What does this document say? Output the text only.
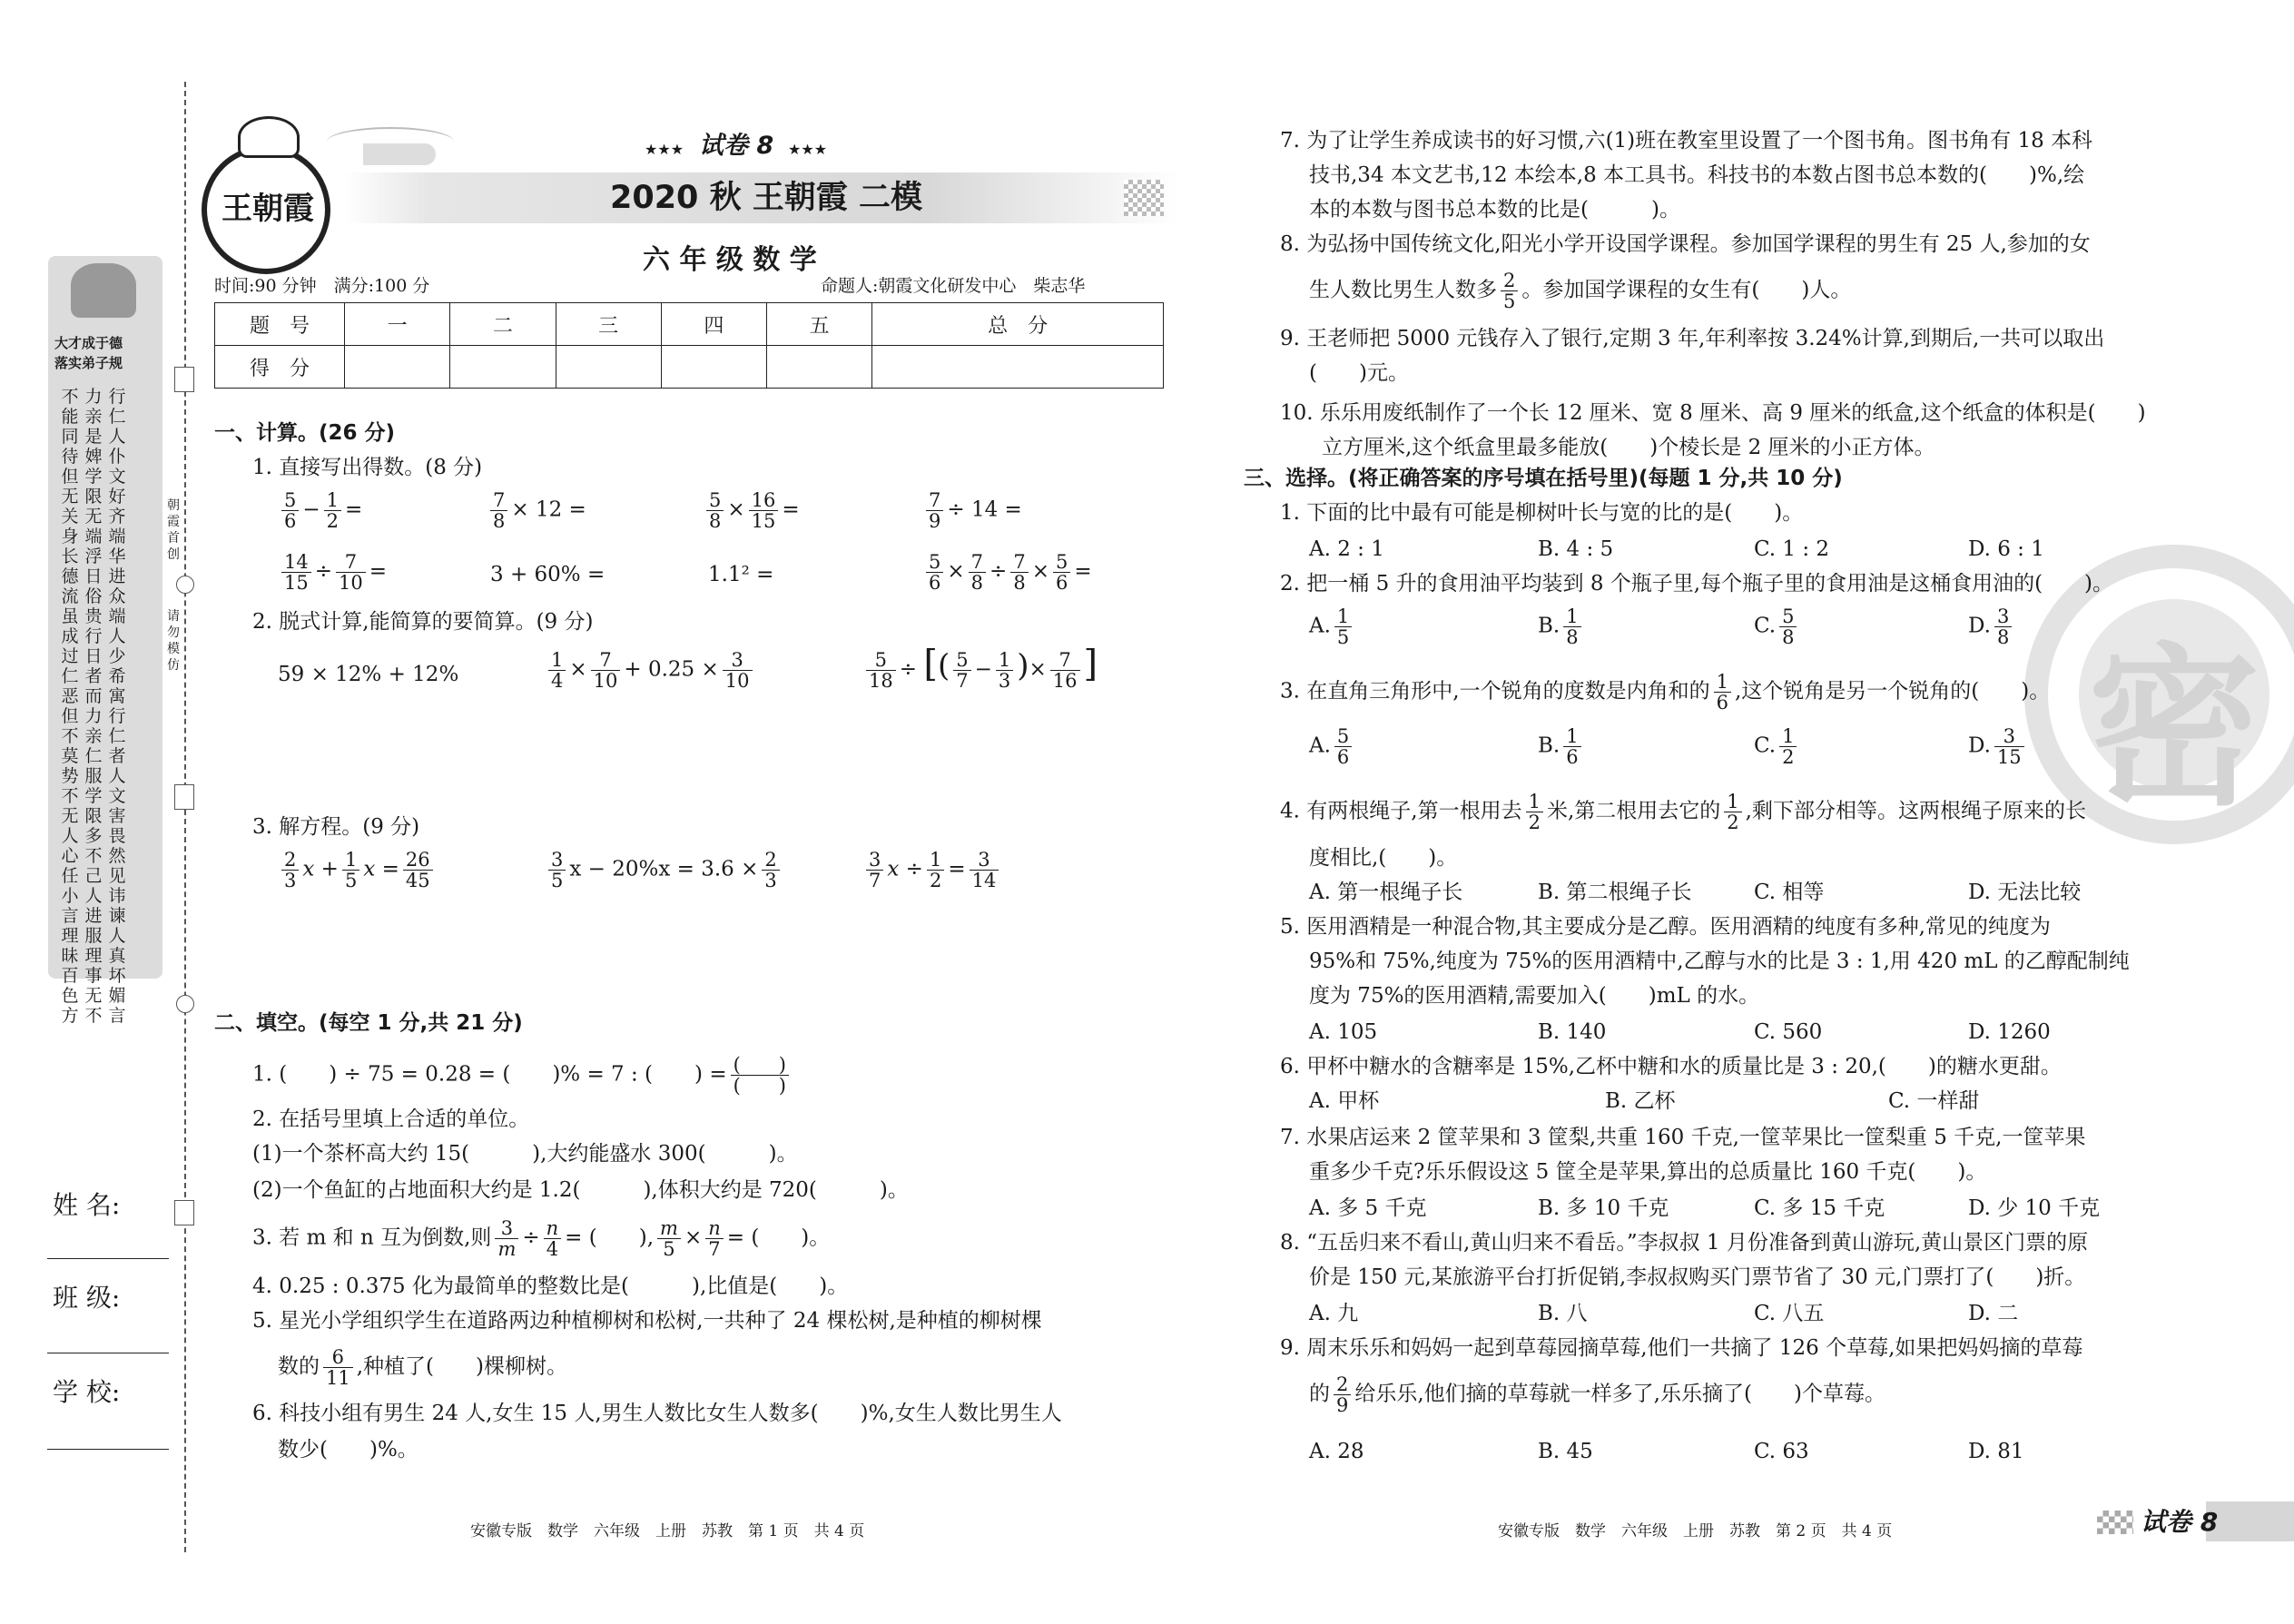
王朝霞
★★★ 试卷 8 ★★★
2020 秋 王朝霞 二模
六 年 级 数 学
时间:90 分钟　满分:100 分	命题人:朝霞文化研发中心　柴志华
题　号	一	二	三	四	五	总　分
得　分						
大才成于德
落实弟子规
不能同待
力亲是婢
行仁人仆
但无关身
学限无端
文好齐端
长德流虽
浮日俗贵
华进众端
成过仁恶
行日者而
人少希寓
但不莫势
力亲仁服
行仁者人
不无人心
学限多不
文害畏然
任小言理
己人进服
见讳谏人
昧百色方
理事无不
真坏媚言
朝霞首创
请勿模仿
姓 名:
班 级:
学 校:
一、计算。(26 分)
1. 直接写出得数。(8 分)
$\frac{5}{6} - \frac{1}{2}$ =	$\frac{7}{8} \times 12$ =	$\frac{5}{8} \times \frac{16}{15}$ =	$\frac{7}{9} \div 14$ =
$\frac{14}{15} \div \frac{7}{10}$ =	3 + 60% =	1.1² =	$\frac{5}{6} \times \frac{7}{8} \div \frac{7}{8} \times \frac{5}{6}$ =
2. 脱式计算,能简算的要简算。(9 分)
59 × 12% + 12%	$\frac{1}{4} \times \frac{7}{10} + 0.25 \times \frac{3}{10}$	$\frac{5}{18}$ ÷ [( $\frac{5}{7} - \frac{1}{3}$ )× $\frac{7}{16}$ ]
3. 解方程。(9 分)
$\frac{2}{3}$ $x + \frac{1}{5}$ $x = \frac{26}{45}$	$\frac{3}{5}$ $x - 20\%x = 3.6 \times \frac{2}{3}$	$\frac{3}{7}$ $x \div \frac{1}{2} = \frac{3}{14}$
二、填空。(每空 1 分,共 21 分)
1. (　　) ÷ 75 = 0.28 = (　　)% = 7 : (　　) = $\frac{( )}{( )}$
2. 在括号里填上合适的单位。
(1)一个茶杯高大约 15(　　　),大约能盛水 300(　　　)。
(2)一个鱼缸的占地面积大约是 1.2(　　　),体积大约是 720(　　　)。
3. 若 m 和 n 互为倒数,则 $\frac{3}{m} \div \frac{n}{4}$ = (　　), $\frac{m}{5} \times \frac{n}{7}$ = (　　)。
4. 0.25 : 0.375 化为最简单的整数比是(　　　),比值是(　　)。
5. 星光小学组织学生在道路两边种植柳树和松树,一共种了 24 棵松树,是种植的柳树棵
数的 $\frac{6}{11}$ ,种植了(　　)棵柳树。
6. 科技小组有男生 24 人,女生 15 人,男生人数比女生人数多(　　)%,女生人数比男生人
数少(　　)%。
安徽专版　数学　六年级　上册　苏教　第 1 页　共 4 页
密
7. 为了让学生养成读书的好习惯,六(1)班在教室里设置了一个图书角。图书角有 18 本科
技书,34 本文艺书,12 本绘本,8 本工具书。科技书的本数占图书总本数的(　　)%,绘
本的本数与图书总本数的比是(　　　)。
8. 为弘扬中国传统文化,阳光小学开设国学课程。参加国学课程的男生有 25 人,参加的女
生人数比男生人数多 $\frac{2}{5}$ 。参加国学课程的女生有(　　)人。
9. 王老师把 5000 元钱存入了银行,定期 3 年,年利率按 3.24%计算,到期后,一共可以取出
(　　)元。
10. 乐乐用废纸制作了一个长 12 厘米、宽 8 厘米、高 9 厘米的纸盒,这个纸盒的体积是(　　)
立方厘米,这个纸盒里最多能放(　　)个棱长是 2 厘米的小正方体。
三、选择。(将正确答案的序号填在括号里)(每题 1 分,共 10 分)
1. 下面的比中最有可能是柳树叶长与宽的比的是(　　)。
A. 2 : 1	B. 4 : 5	C. 1 : 2	D. 6 : 1
2. 把一桶 5 升的食用油平均装到 8 个瓶子里,每个瓶子里的食用油是这桶食用油的(　　)。
A. $\frac{1}{5}$	B. $\frac{1}{8}$	C. $\frac{5}{8}$	D. $\frac{3}{8}$
3. 在直角三角形中,一个锐角的度数是内角和的 $\frac{1}{6}$ ,这个锐角是另一个锐角的(　　)。
A. $\frac{5}{6}$	B. $\frac{1}{6}$	C. $\frac{1}{2}$	D. $\frac{3}{15}$
4. 有两根绳子,第一根用去 $\frac{1}{2}$ 米,第二根用去它的 $\frac{1}{2}$ ,剩下部分相等。这两根绳子原来的长
度相比,(　　)。
A. 第一根绳子长	B. 第二根绳子长	C. 相等	D. 无法比较
5. 医用酒精是一种混合物,其主要成分是乙醇。医用酒精的纯度有多种,常见的纯度为
95%和 75%,纯度为 75%的医用酒精中,乙醇与水的比是 3 : 1,用 420 mL 的乙醇配制纯
度为 75%的医用酒精,需要加入(　　)mL 的水。
A. 105	B. 140	C. 560	D. 1260
6. 甲杯中糖水的含糖率是 15%,乙杯中糖和水的质量比是 3 : 20,(　　)的糖水更甜。
A. 甲杯	B. 乙杯	C. 一样甜
7. 水果店运来 2 筐苹果和 3 筐梨,共重 160 千克,一筐苹果比一筐梨重 5 千克,一筐苹果
重多少千克?乐乐假设这 5 筐全是苹果,算出的总质量比 160 千克(　　)。
A. 多 5 千克	B. 多 10 千克	C. 多 15 千克	D. 少 10 千克
8. “五岳归来不看山,黄山归来不看岳。”李叔叔 1 月份准备到黄山游玩,黄山景区门票的原
价是 150 元,某旅游平台打折促销,李叔叔购买门票节省了 30 元,门票打了(　　)折。
A. 九	B. 八	C. 八五	D. 二
9. 周末乐乐和妈妈一起到草莓园摘草莓,他们一共摘了 126 个草莓,如果把妈妈摘的草莓
的 $\frac{2}{9}$ 给乐乐,他们摘的草莓就一样多了,乐乐摘了(　　)个草莓。
A. 28	B. 45	C. 63	D. 81
安徽专版　数学　六年级　上册　苏教　第 2 页　共 4 页	试卷 8
